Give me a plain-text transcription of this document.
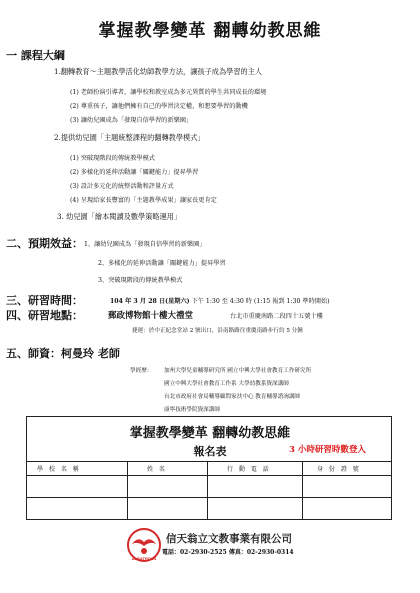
掌握教學變革 翻轉幼教思維
一 課程大綱
1.翻轉教育～主題教學活化幼師教學方法，讓孩子成為學習的主人
(1) 老師扮演引導者，讓學校和教室成為多元異質的學生共同成長的環境
(2) 尊重孩子，讓他們擁有自己的學習決定權，和想要學習的動機
(3) 讓幼兒園成為「發現自信學習的新樂園」
2.提供幼兒園「主題統整課程的翻轉教學模式」
(1) 突破現階段的傳統教學模式
(2) 多樣化的延伸活動讓「關鍵能力」提昇學習
(3) 設計多元化的統整活動和評量方式
(4) 呈現給家長豐富的「主題教學成果」讓家長更肯定
3. 幼兒園「繪本閱讀及數學策略運用」
二、預期效益： 1、讓幼兒園成為「發現自信學習的新樂園」
2、多樣化的延伸活動讓「關鍵能力」提昇學習
3、突破現階段的傳統教學模式
三、研習時間：	104 年 3 月 28 日(星期六) 下午 1:30 至 4:30 時 (1:15 報到 1:30 準時開始)
四、研習地點：	郵政博物館十樓大禮堂	台北市重慶南路二段四十五號十樓
捷運：於中正紀念堂站 2 號出口，沿南路路往重慶南路步行約 5 分鐘
五、師資：柯曼玲 老師
學經歷： 加州大學兒童輔導研究所 國立中興大學社會教育工作研究所
國立中興大學社會教育工作系 大學幼教系資深講師
台北市政府社會局輔導顧問家扶中心 教育輔導諮詢講師
康寧技術學院資深講師
掌握教學變革 翻轉幼教思維
報名表	3 小時研習時數登入
學 校 名 稱	姓 名	行 動 電 話	身 份 證 號
ALBATROSS
信天翁立文教事業有限公司
電話：02-2930-2525 傳真：02-2930-0314
